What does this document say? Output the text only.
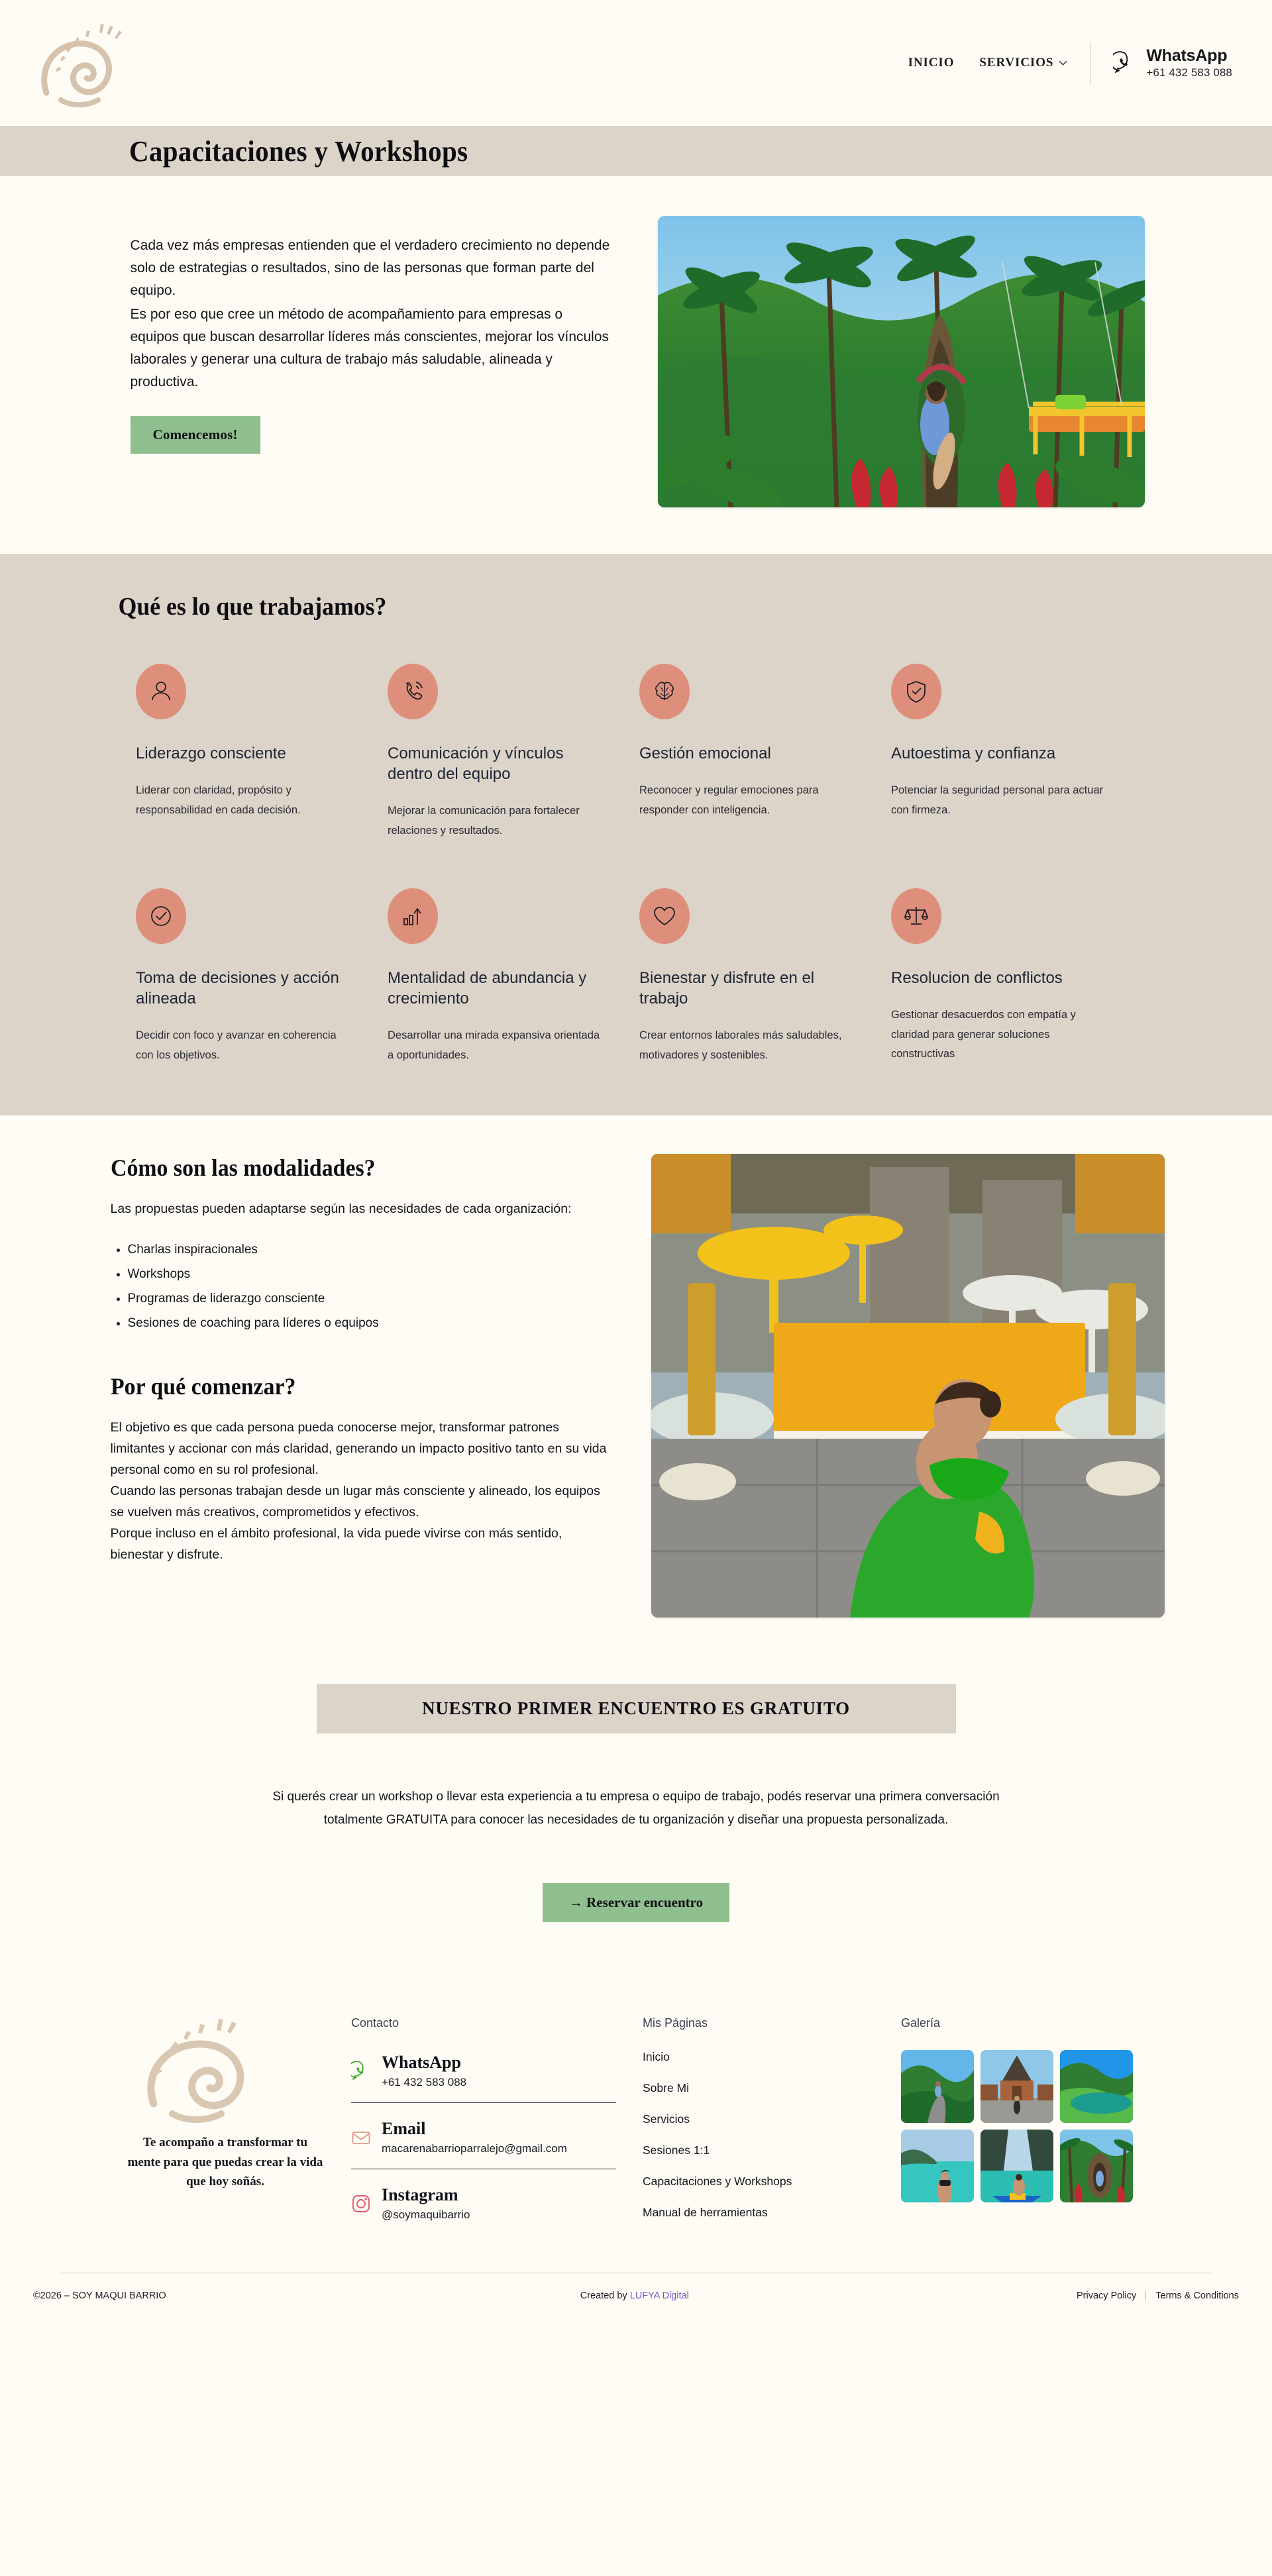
INICIO SERVICIOS	WhatsApp
+61 432 583 088
Capacitaciones y Workshops

Cada vez más empresas entienden que el verdadero crecimiento no depende solo de estrategias o resultados, sino de las personas que forman parte del equipo.

Es por eso que cree un método de acompañamiento para empresas o equipos que buscan desarrollar líderes más conscientes, mejorar los vínculos laborales y generar una cultura de trabajo más saludable, alineada y productiva.

Comencemos!
Qué es lo que trabajamos?
Liderazgo consciente
Liderar con claridad, propósito y responsabilidad en cada decisión.
Comunicación y vínculos dentro del equipo
Mejorar la comunicación para fortalecer relaciones y resultados.
Gestión emocional
Reconocer y regular emociones para responder con inteligencia.
Autoestima y confianza
Potenciar la seguridad personal para actuar con firmeza.
Toma de decisiones y acción alineada
Decidir con foco y avanzar en coherencia con los objetivos.
Mentalidad de abundancia y crecimiento
Desarrollar una mirada expansiva orientada a oportunidades.
Bienestar y disfrute en el trabajo
Crear entornos laborales más saludables, motivadores y sostenibles.
Resolucion de conflictos
Gestionar desacuerdos con empatía y claridad para generar soluciones constructivas
Cómo son las modalidades?

Las propuestas pueden adaptarse según las necesidades de cada organización:

• Charlas inspiracionales
• Workshops
• Programas de liderazgo consciente
• Sesiones de coaching para líderes o equipos
Por qué comenzar?

El objetivo es que cada persona pueda conocerse mejor, transformar patrones limitantes y accionar con más claridad, generando un impacto positivo tanto en su vida personal como en su rol profesional.

Cuando las personas trabajan desde un lugar más consciente y alineado, los equipos se vuelven más creativos, comprometidos y efectivos.

Porque incluso en el ámbito profesional, la vida puede vivirse con más sentido, bienestar y disfrute.

NUESTRO PRIMER ENCUENTRO ES GRATUITO

Si querés crear un workshop o llevar esta experiencia a tu empresa o equipo de trabajo, podés reservar una primera conversación totalmente GRATUITA para conocer las necesidades de tu organización y diseñar una propuesta personalizada.

→ Reservar encuentro
Te acompaño a transformar tu mente para que puedas crear la vida que hoy soñás.
Contacto
WhatsApp
+61 432 583 088
Email
macarenabarrioparralejo@gmail.com
Instagram
@soymaquibarrio
Mis Páginas
Inicio
Sobre Mi
Servicios
Sesiones 1:1
Capacitaciones y Workshops
Manual de herramientas
Galería
©2026 – SOY MAQUI BARRIO	Created by LUFYA Digital	Privacy Policy Terms & Conditions
